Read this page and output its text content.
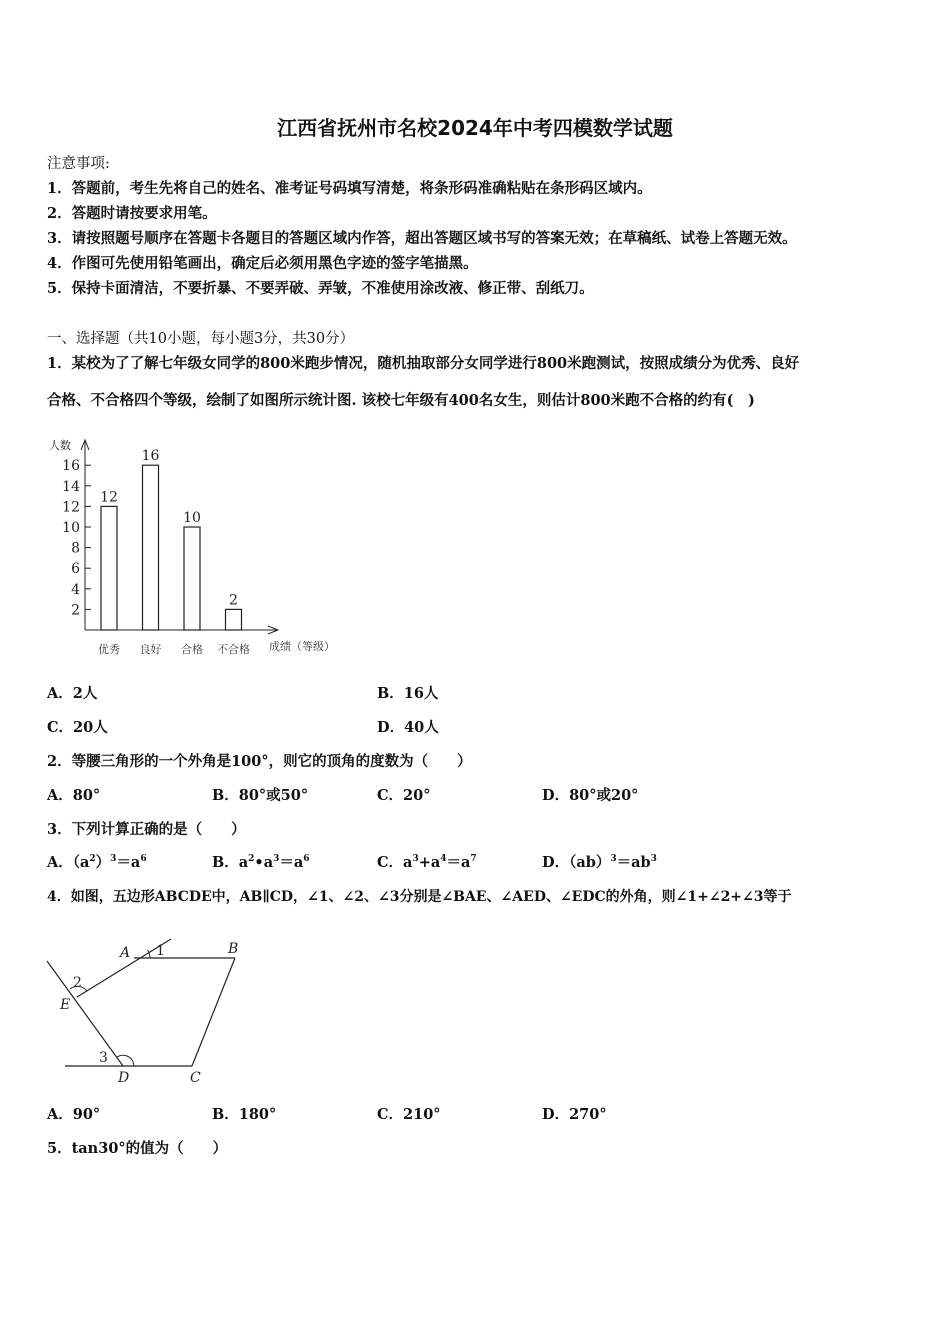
江西省抚州市名校2024年中考四模数学试题
注意事项:
1．答题前，考生先将自己的姓名、准考证号码填写清楚，将条形码准确粘贴在条形码区域内。
2．答题时请按要求用笔。
3．请按照题号顺序在答题卡各题目的答题区域内作答，超出答题区域书写的答案无效；在草稿纸、试卷上答题无效。
4．作图可先使用铅笔画出，确定后必须用黑色字迹的签字笔描黑。
5．保持卡面清洁，不要折暴、不要弄破、弄皱，不准使用涂改液、修正带、刮纸刀。
一、选择题（共10小题，每小题3分，共30分）
1．某校为了了解七年级女同学的800米跑步情况，随机抽取部分女同学进行800米跑测试，按照成绩分为优秀、良好
合格、不合格四个等级，绘制了如图所示统计图. 该校七年级有400名女生，则估计800米跑不合格的约有(　)
人数
成绩（等级）
2
4
6
8
10
12
14
16
12
优秀
16
良好
10
合格
2
不合格
A．2人	B．16人
C．20人	D．40人
2．等腰三角形的一个外角是100°，则它的顶角的度数为（　　）
A．80°	B．80°或50°	C．20°	D．80°或20°
3．下列计算正确的是（　　）
A．$(a^2)^3=a^6$	B．$a^2•a^3=a^6$	C．$a^3+a^4=a^7$	D．$(ab)^3=ab^3$
4．如图，五边形ABCDE中，AB∥CD，∠1、∠2、∠3分别是∠BAE、∠AED、∠EDC的外角，则∠1+∠2+∠3等于
A	B
C
D
E
1
2
3
A．90°	B．180°	C．210°	D．270°
5．tan30°的值为（　　）
